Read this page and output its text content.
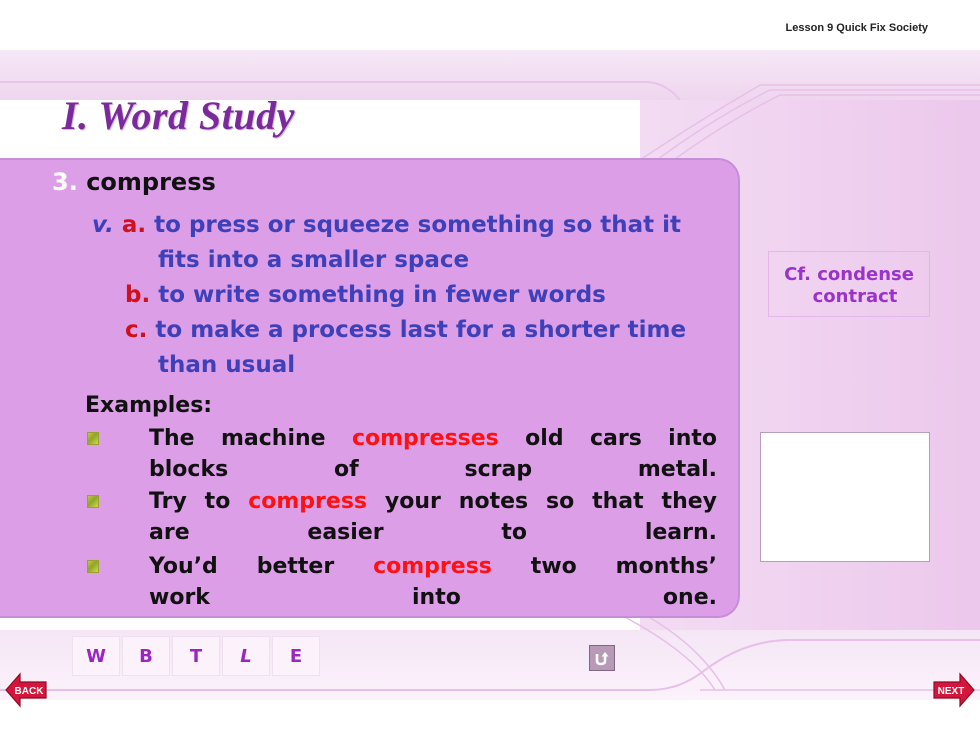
Lesson 9 Quick Fix Society
I. Word Study
3. compress
v. a. to press or squeeze something so that it
fits into a smaller space
b. to write something in fewer words
c. to make a process last for a shorter time
than usual
Examples:
The machine compresses old cars into
blocks of scrap metal.
Try to compress your notes so that they
are easier to learn.
You’d better compress two months’
work into one.
Cf. condense
contract
W	B	T	L	E
BACK	NEXT
